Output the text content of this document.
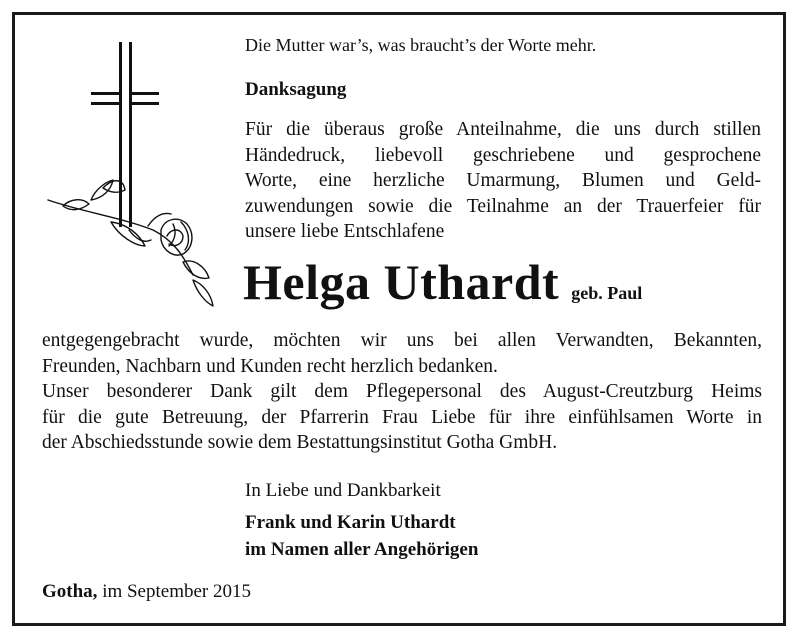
Die Mutter war’s, was braucht’s der Worte mehr.
Danksagung
Für die überaus große Anteilnahme, die uns durch stillen
Händedruck, liebevoll geschriebene und gesprochene
Worte, eine herzliche Umarmung, Blumen und Geld-
zuwendungen sowie die Teilnahme an der Trauerfeier für
unsere liebe Entschlafene
Helga Uthardt geb. Paul
entgegengebracht wurde, möchten wir uns bei allen Verwandten, Bekannten,
Freunden, Nachbarn und Kunden recht herzlich bedanken.
Unser besonderer Dank gilt dem Pflegepersonal des August-Creutzburg Heims
für die gute Betreuung, der Pfarrerin Frau Liebe für ihre einfühlsamen Worte in
der Abschiedsstunde sowie dem Bestattungsinstitut Gotha GmbH.
In Liebe und Dankbarkeit
Frank und Karin Uthardt
im Namen aller Angehörigen
Gotha, im September 2015
